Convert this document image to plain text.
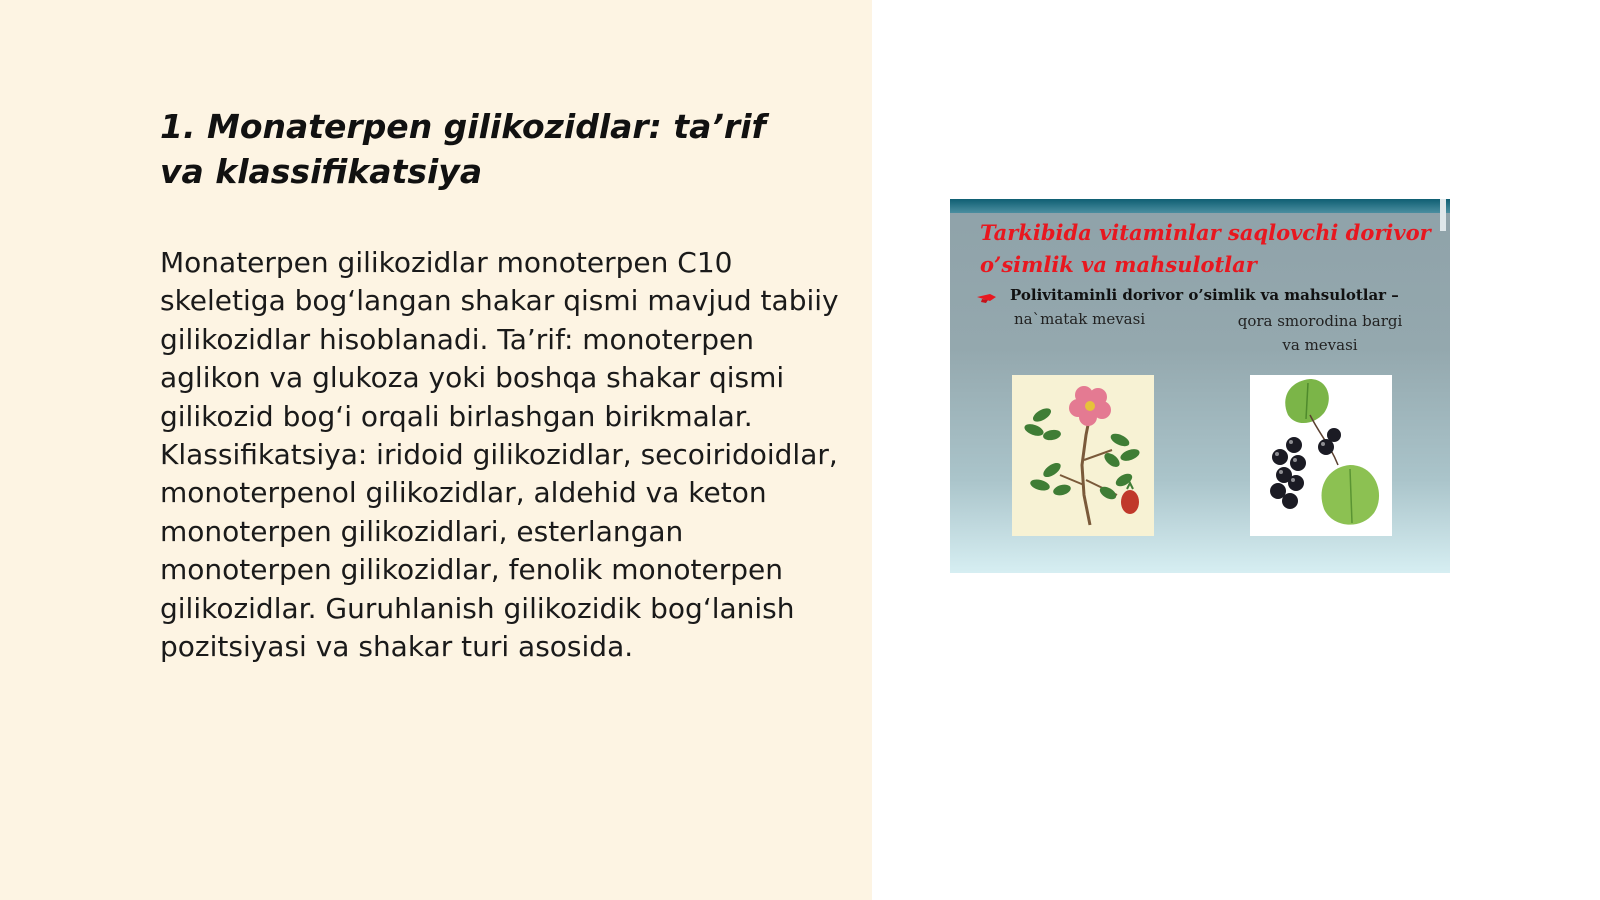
1. Monaterpen gilikozidlar: ta’rif va klassifikatsiya

Monaterpen gilikozidlar monoterpen C10 skeletiga bog‘langan shakar qismi mavjud tabiiy gilikozidlar hisoblanadi. Ta’rif: monoterpen aglikon va glukoza yoki boshqa shakar qismi gilikozid bog‘i orqali birlashgan birikmalar. Klassifikatsiya: iridoid gilikozidlar, secoiridoidlar, monoterpenol gilikozidlar, aldehid va keton monoterpen gilikozidlari, esterlangan monoterpen gilikozidlar, fenolik monoterpen gilikozidlar. Guruhlanish gilikozidik bog‘lanish pozitsiyasi va shakar turi asosida.

Tarkibida vitaminlar saqlovchi dorivor
o’simlik va mahsulotlar

Polivitaminli dorivor o’simlik va mahsulotlar –

na`matak mevasi	qora smorodina bargi
va mevasi
